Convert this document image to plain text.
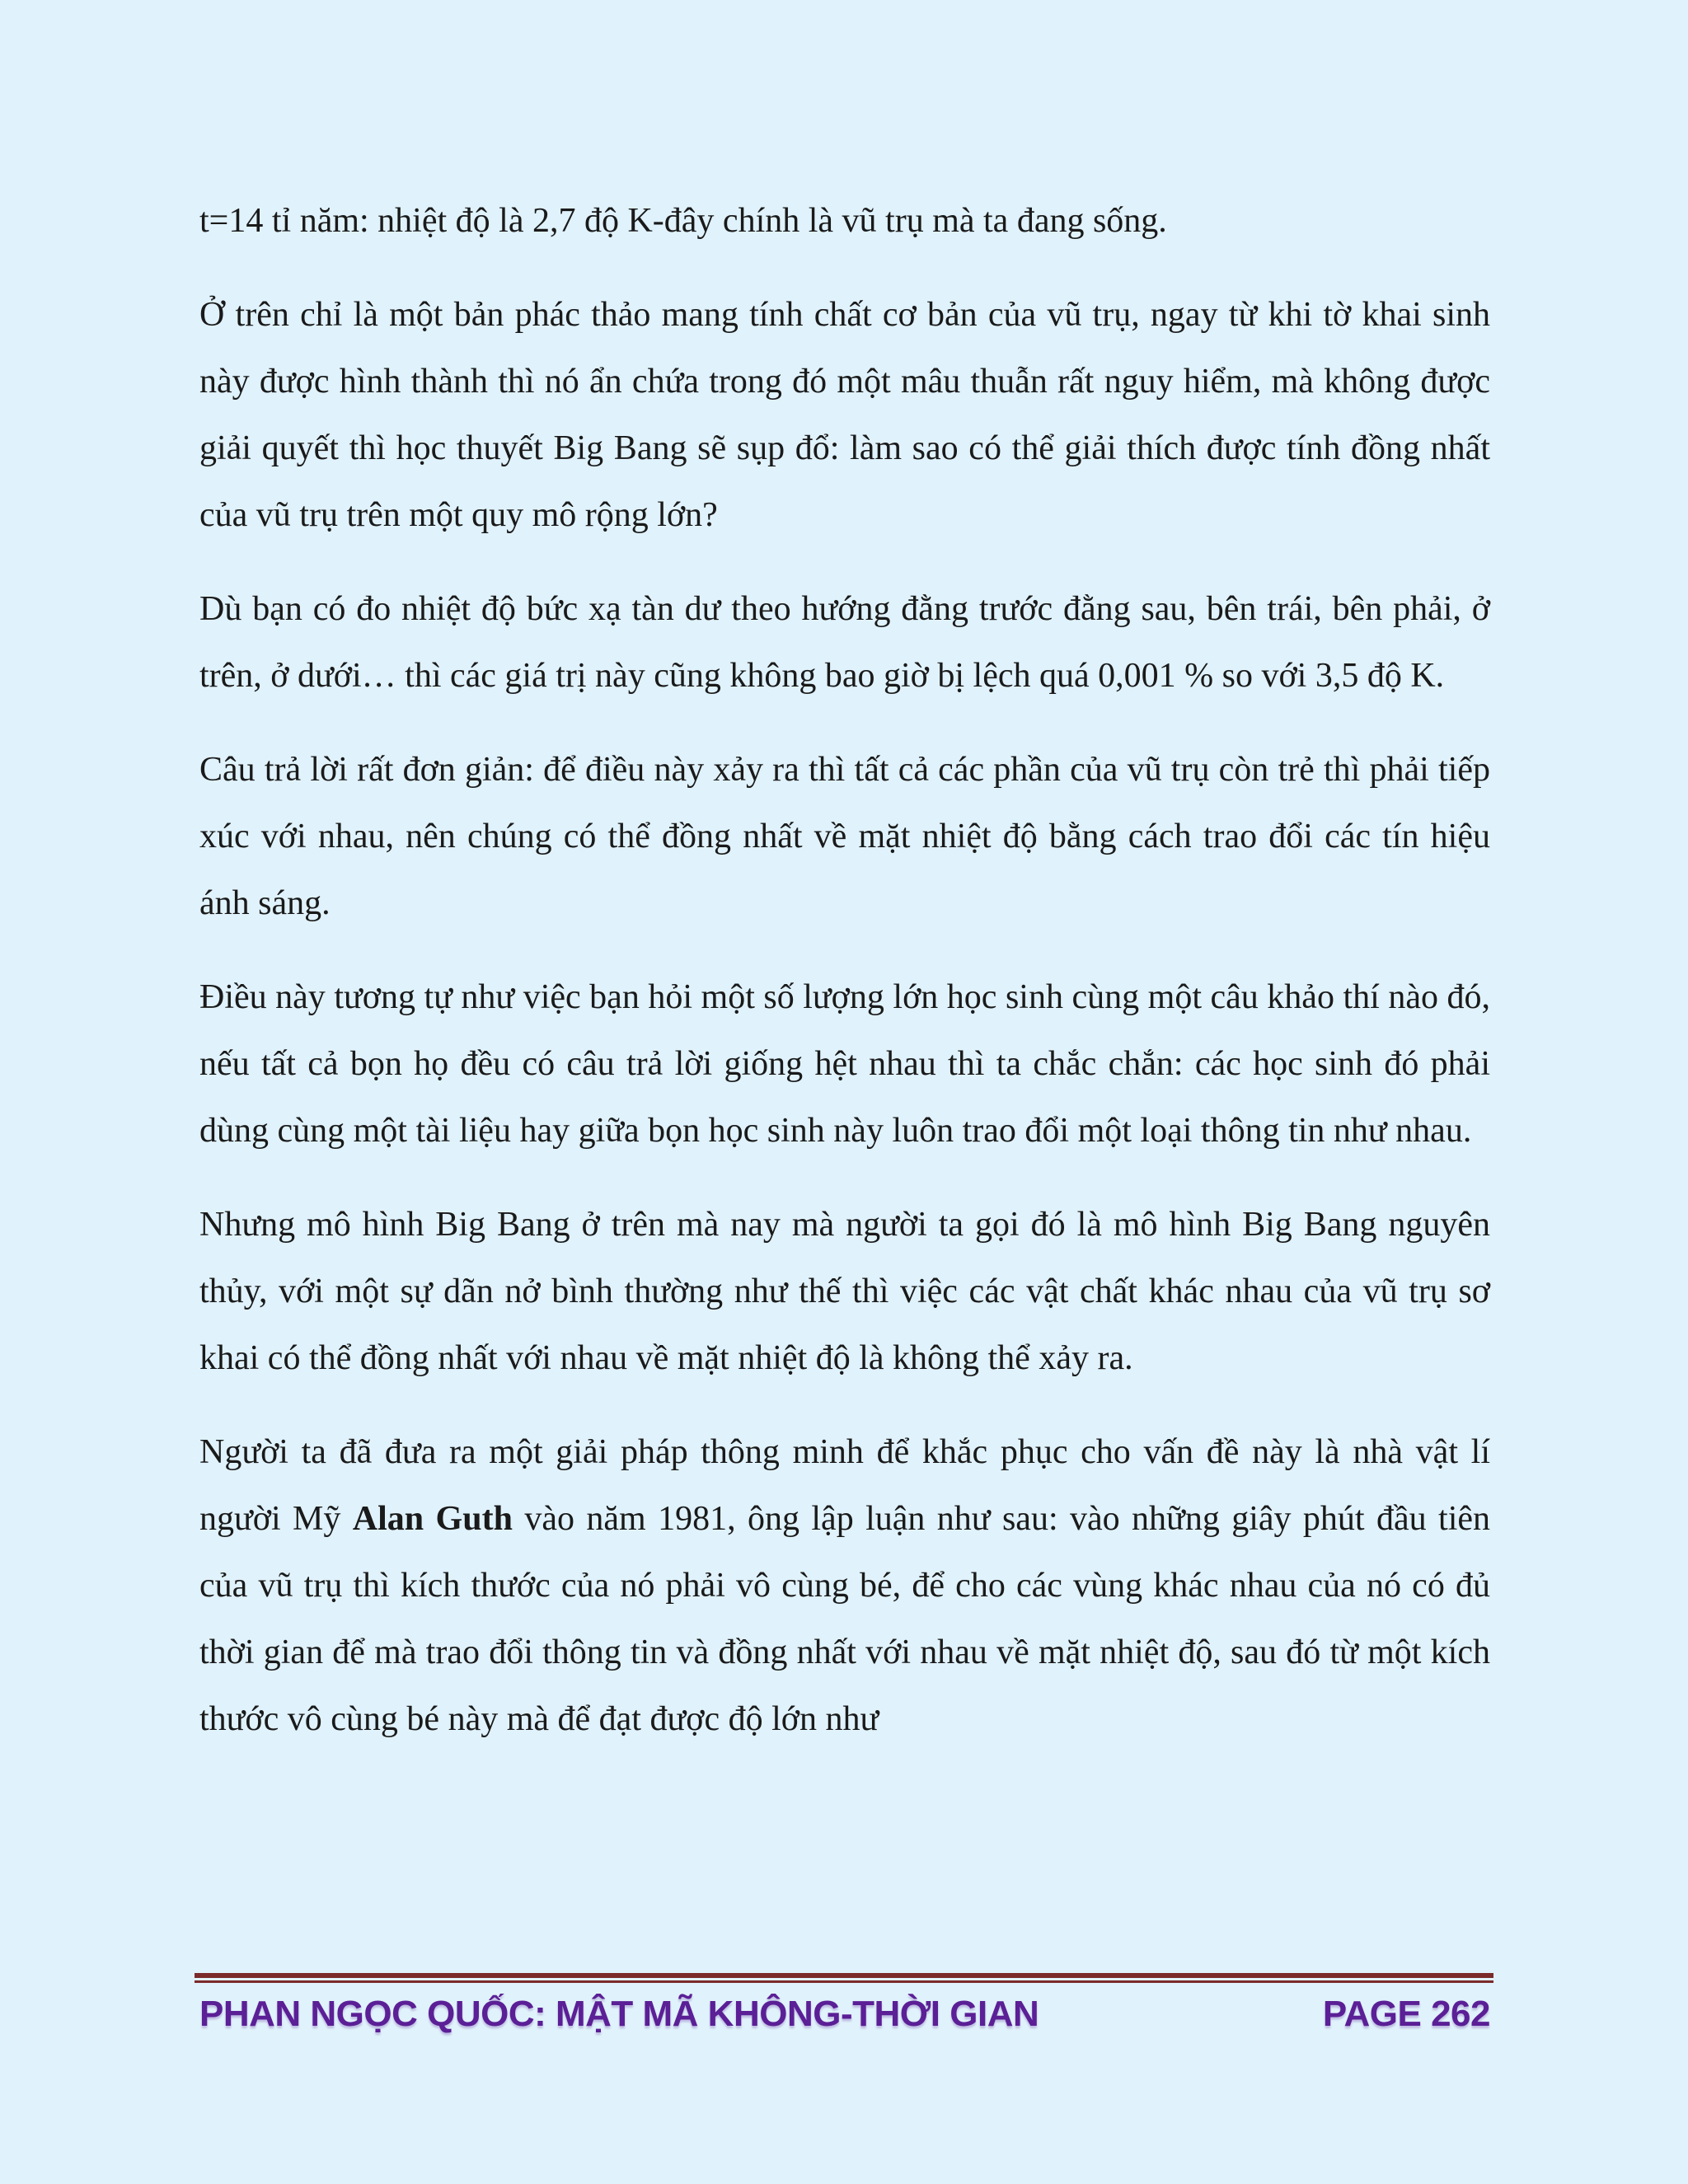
t=14 tỉ năm: nhiệt độ là 2,7 độ K-đây chính là vũ trụ mà ta đang sống.

Ở trên chỉ là một bản phác thảo mang tính chất cơ bản của vũ trụ, ngay từ khi tờ khai sinh này được hình thành thì nó ẩn chứa trong đó một mâu thuẫn rất nguy hiểm, mà không được giải quyết thì học thuyết Big Bang sẽ sụp đổ: làm sao có thể giải thích được tính đồng nhất của vũ trụ trên một quy mô rộng lớn?

Dù bạn có đo nhiệt độ bức xạ tàn dư theo hướng đằng trước đằng sau, bên trái, bên phải, ở trên, ở dưới… thì các giá trị này cũng không bao giờ bị lệch quá 0,001 % so với 3,5 độ K.

Câu trả lời rất đơn giản: để điều này xảy ra thì tất cả các phần của vũ trụ còn trẻ thì phải tiếp xúc với nhau, nên chúng có thể đồng nhất về mặt nhiệt độ bằng cách trao đổi các tín hiệu ánh sáng.

Điều này tương tự như việc bạn hỏi một số lượng lớn học sinh cùng một câu khảo thí nào đó, nếu tất cả bọn họ đều có câu trả lời giống hệt nhau thì ta chắc chắn: các học sinh đó phải dùng cùng một tài liệu hay giữa bọn học sinh này luôn trao đổi một loại thông tin như nhau.

Nhưng mô hình Big Bang ở trên mà nay mà người ta gọi đó là mô hình Big Bang nguyên thủy, với một sự dãn nở bình thường như thế thì việc các vật chất khác nhau của vũ trụ sơ khai có thể đồng nhất với nhau về mặt nhiệt độ là không thể xảy ra.

Người ta đã đưa ra một giải pháp thông minh để khắc phục cho vấn đề này là nhà vật lí người Mỹ Alan Guth vào năm 1981, ông lập luận như sau: vào những giây phút đầu tiên của vũ trụ thì kích thước của nó phải vô cùng bé, để cho các vùng khác nhau của nó có đủ thời gian để mà trao đổi thông tin và đồng nhất với nhau về mặt nhiệt độ, sau đó từ một kích thước vô cùng bé này mà để đạt được độ lớn như

PHAN NGỌC QUỐC: MẬT MÃ KHÔNG-THỜI GIAN	PAGE 262
